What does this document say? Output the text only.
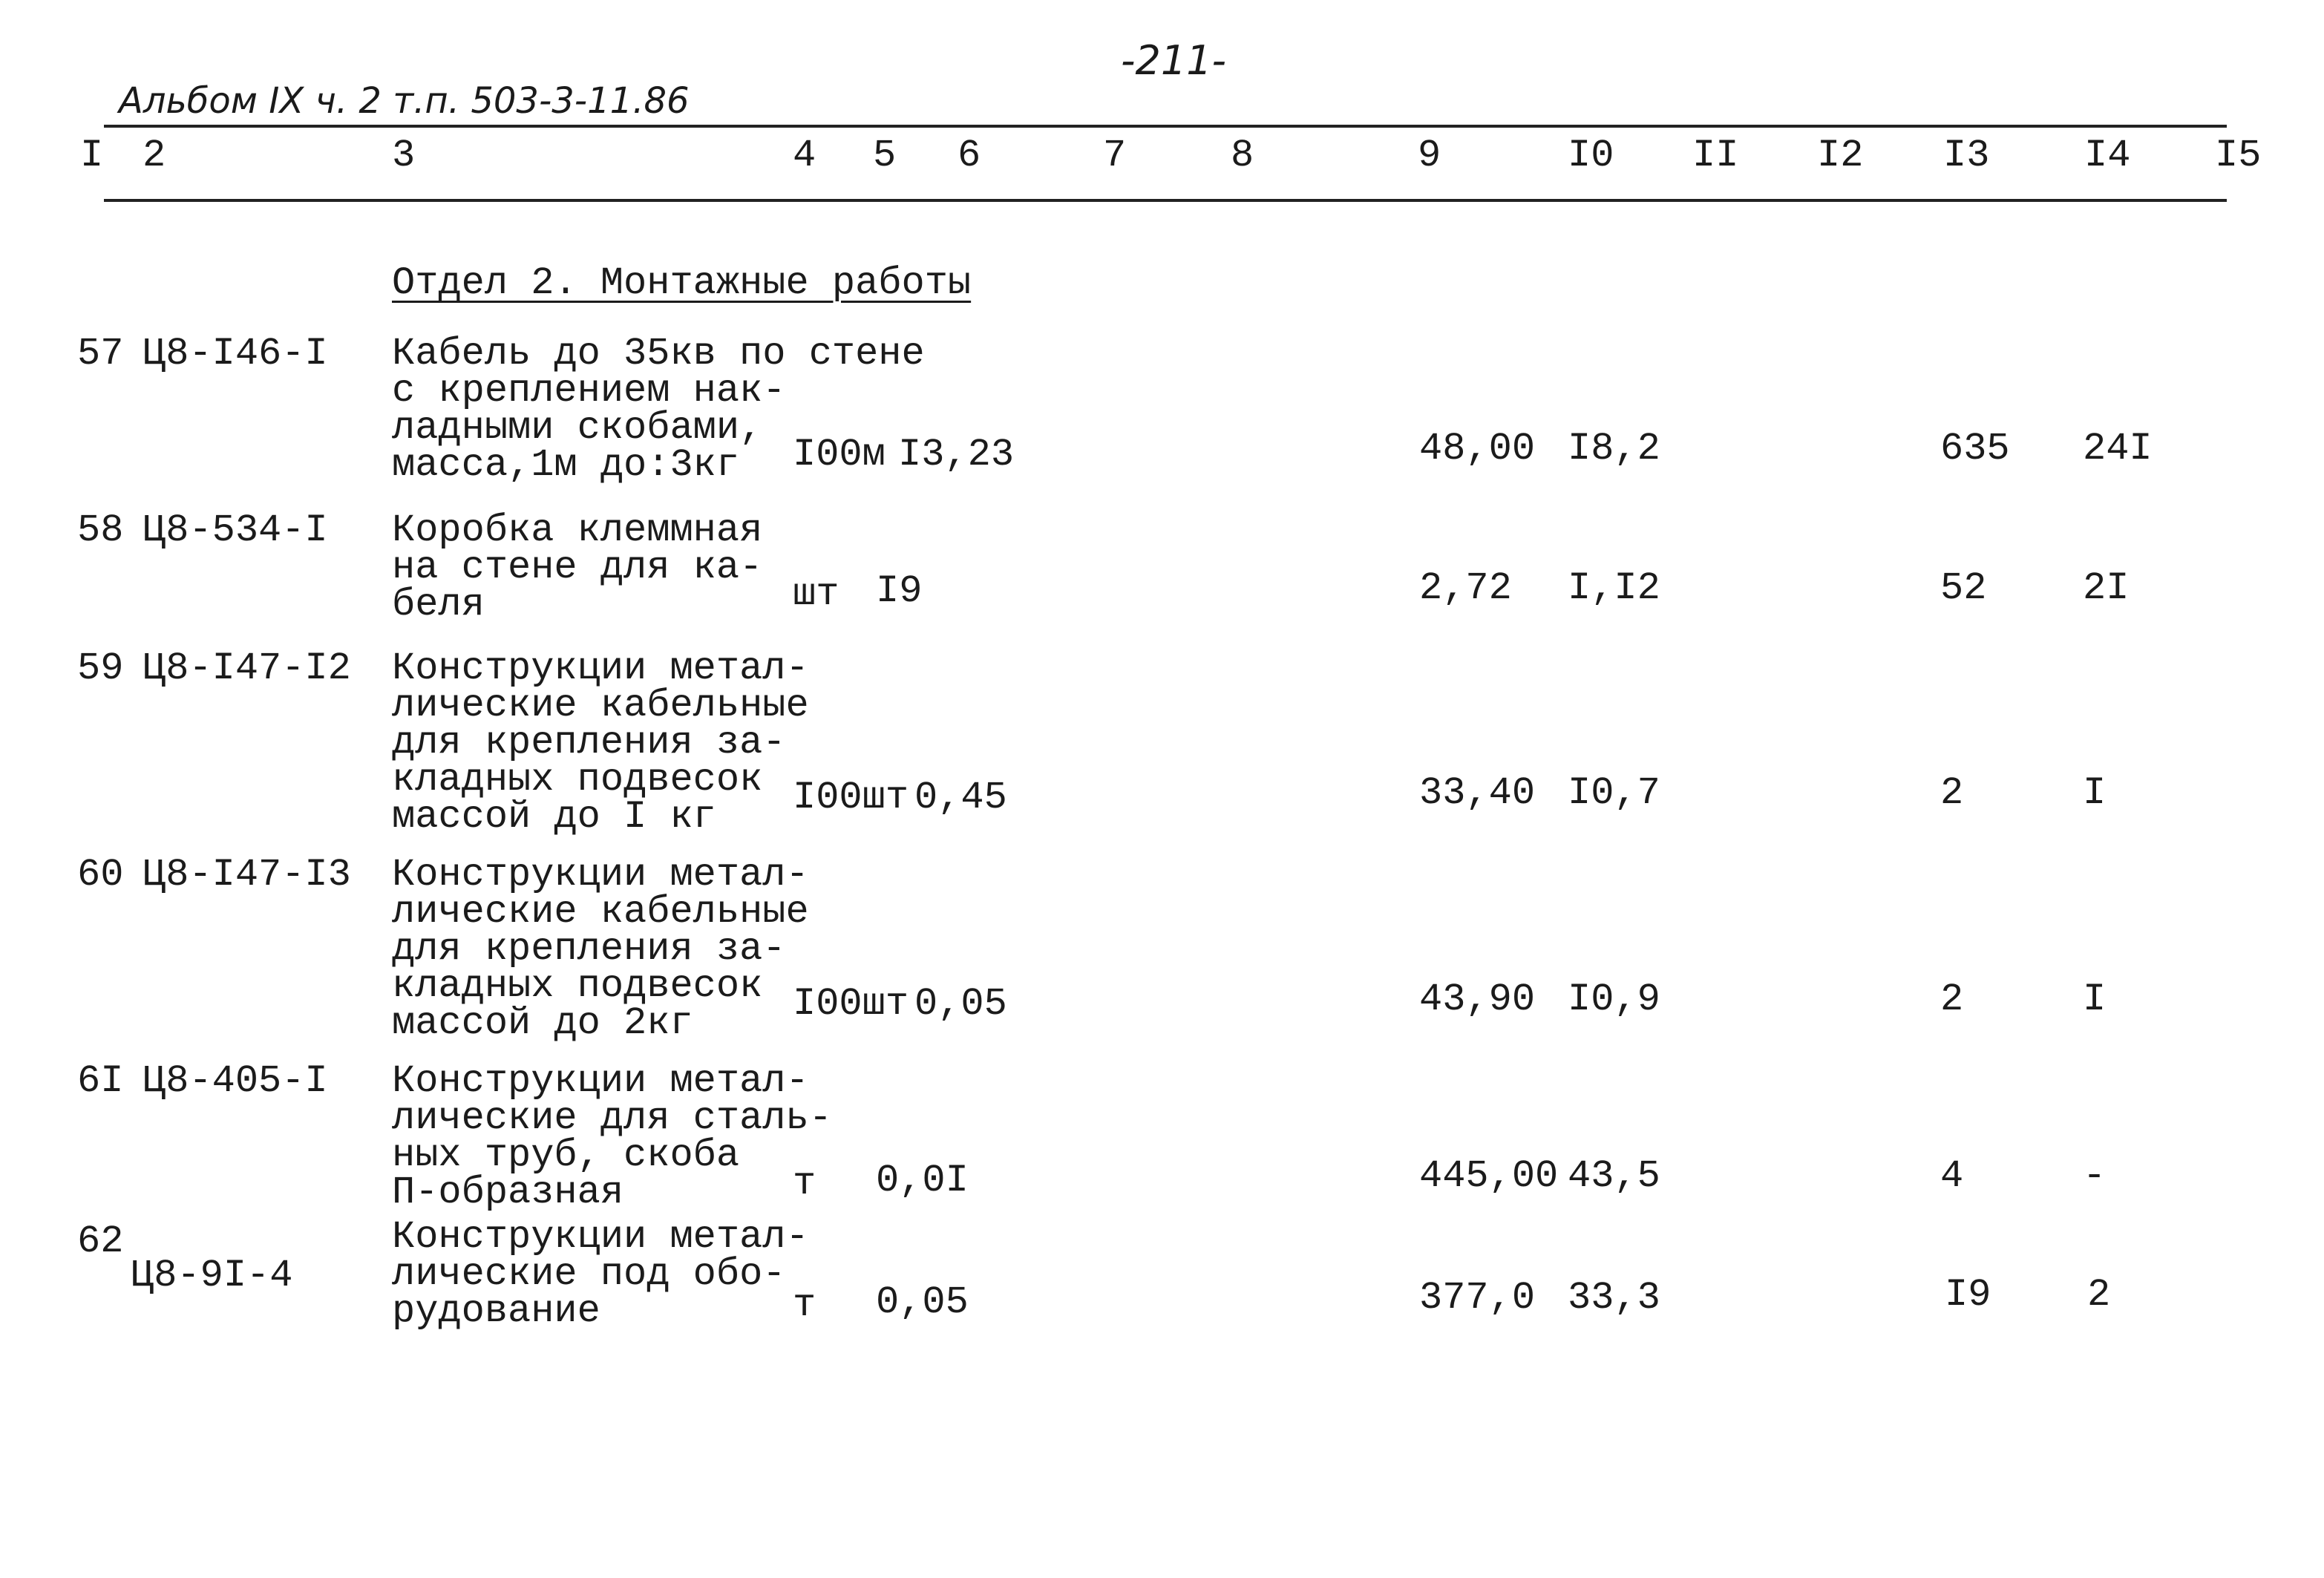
-211-
Альбом IX ч. 2 т.п. 503-3-11.86
I 2	3	4 5 6	7	8	9	I0 II I2 I3 I4 I5
Отдел 2. Монтажные работы
57 Ц8-I46-I Кабель до 35кв по стене
с креплением нак-
ладными скобами,
масса,1м до:3кг	I00м I3,23	48,00 I8,2	635 24I
58 Ц8-534-I Коробка клеммная
на стене для ка-
беля	шт I9	2,72 I,I2	52 2I
59 Ц8-I47-I2 Конструкции метал-
лические кабельные
для крепления за-
кладных подвесок
массой до I кг	I00шт 0,45	33,40 I0,7	2	I
60 Ц8-I47-I3 Конструкции метал-
лические кабельные
для крепления за-
кладных подвесок
массой до 2кг	I00шт 0,05	43,90 I0,9	2	I
6I Ц8-405-I Конструкции метал-
лические для сталь-
ных труб, скоба
П-образная	т 0,0I	445,00 43,5	4	-
62
Ц8-9I-4
Конструкции метал-
лические под обо-
рудование	т 0,05	377,0 33,3	I9 2
